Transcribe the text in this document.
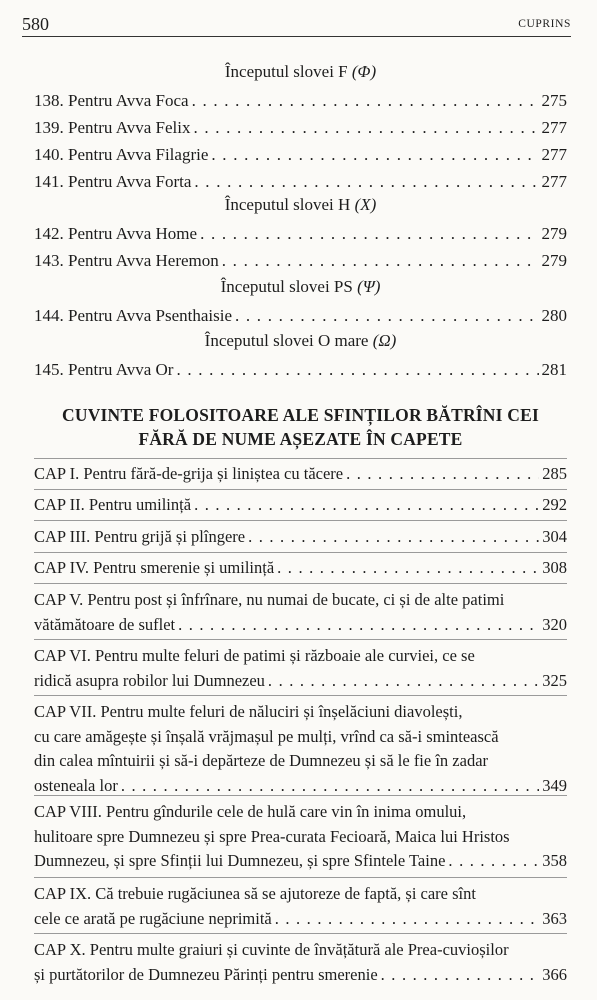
580	CUPRINS
Începutul slovei F (Φ)
138. Pentru Avva Foca . . .	275
139. Pentru Avva Felix . . .	277
140. Pentru Avva Filagrie . . .	277
141. Pentru Avva Forta . . .	277
Începutul slovei H (X)
142. Pentru Avva Home . . .	279
143. Pentru Avva Heremon . . .	279
Începutul slovei PS (Ψ)
144. Pentru Avva Psenthaisie . . .	280
Începutul slovei O mare (Ω)
145. Pentru Avva Or . . .	281
CUVINTE FOLOSITOARE ALE SFINȚILOR BĂTRÎNI CEI
FĂRĂ DE NUME AȘEZATE ÎN CAPETE
CAP I. Pentru fără-de-grija și liniștea cu tăcere . . .	285
CAP II. Pentru umilință . . .	292
CAP III. Pentru grijă și plîngere . . .	304
CAP IV. Pentru smerenie și umilință . . .	308
CAP V. Pentru post și înfrînare, nu numai de bucate, ci și de alte patimi
vătămătoare de suflet . . .	320
CAP VI. Pentru multe feluri de patimi și războaie ale curviei, ce se
ridică asupra robilor lui Dumnezeu . . .	325
CAP VII. Pentru multe feluri de năluciri și înșelăciuni diavolești,
cu care amăgește și înșală vrăjmașul pe mulți, vrînd ca să-i smintească
din calea mîntuirii și să-i depărteze de Dumnezeu și să le fie în zadar
osteneala lor . . .	349
CAP VIII. Pentru gîndurile cele de hulă care vin în inima omului,
hulitoare spre Dumnezeu și spre Prea-curata Fecioară, Maica lui Hristos
Dumnezeu, și spre Sfinții lui Dumnezeu, și spre Sfintele Taine . . .	358
CAP IX. Că trebuie rugăciunea să se ajutoreze de faptă, și care sînt
cele ce arată pe rugăciune neprimită . . .	363
CAP X. Pentru multe graiuri și cuvinte de învățătură ale Prea-cuvioșilor
și purtătorilor de Dumnezeu Părinți pentru smerenie . . .	366
